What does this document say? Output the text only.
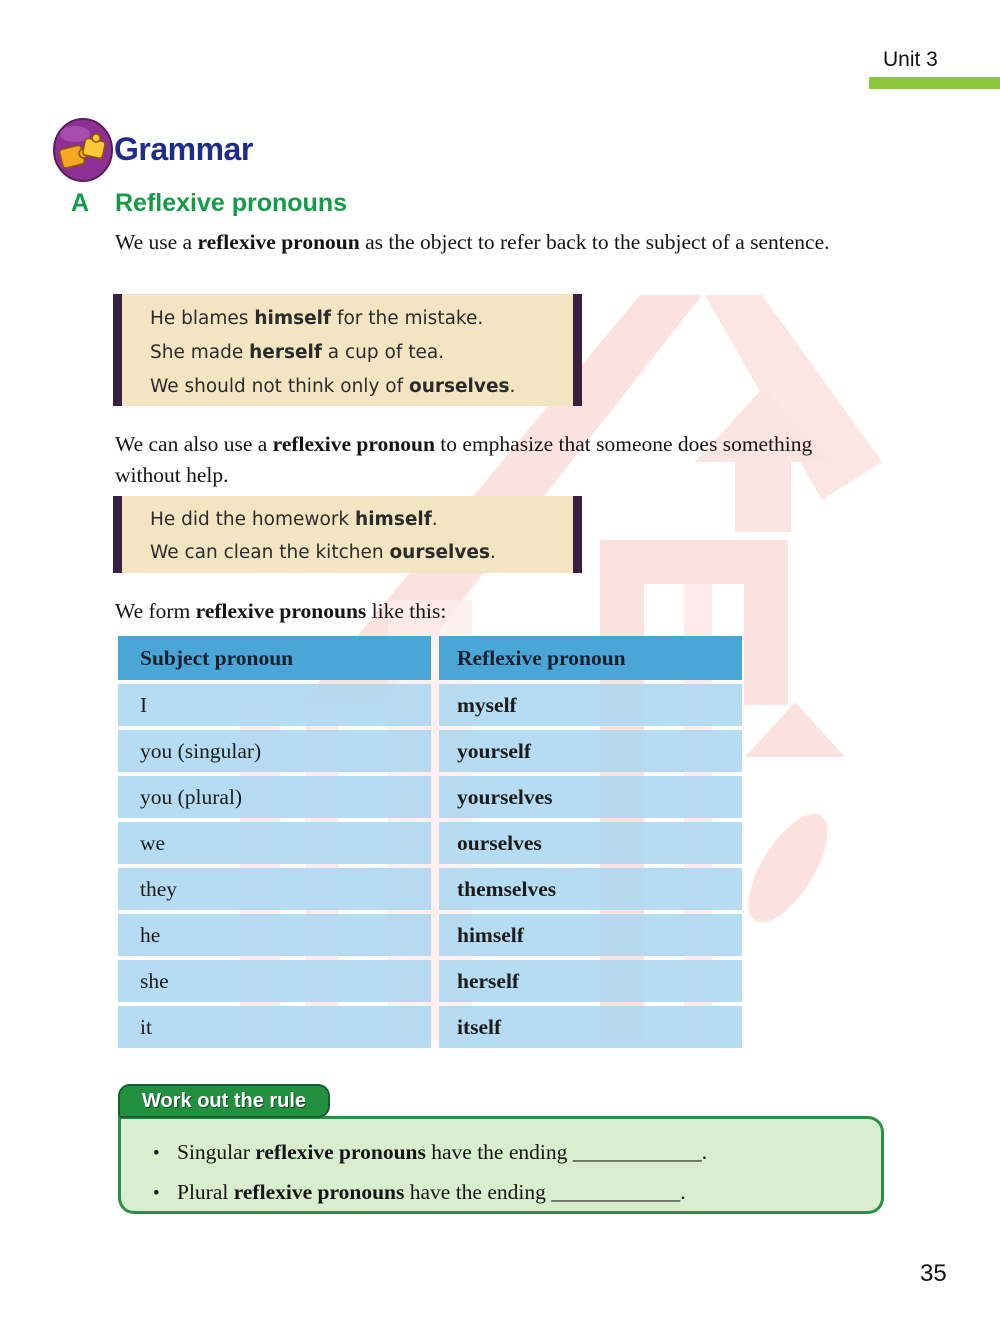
Unit 3
Grammar
A Reflexive pronouns
We use a reflexive pronoun as the object to refer back to the subject of a sentence.
He blames himself for the mistake.
She made herself a cup of tea.
We should not think only of ourselves.
We can also use a reflexive pronoun to emphasize that someone does something without help.
He did the homework himself.
We can clean the kitchen ourselves.
We form reflexive pronouns like this:
Subject pronoun	Reflexive pronoun
I	myself
you (singular)	yourself
you (plural)	yourselves
we	ourselves
they	themselves
he	himself
she	herself
it	itself
Work out the rule
• Singular reflexive pronouns have the ending ____________.
• Plural reflexive pronouns have the ending ____________.
35
